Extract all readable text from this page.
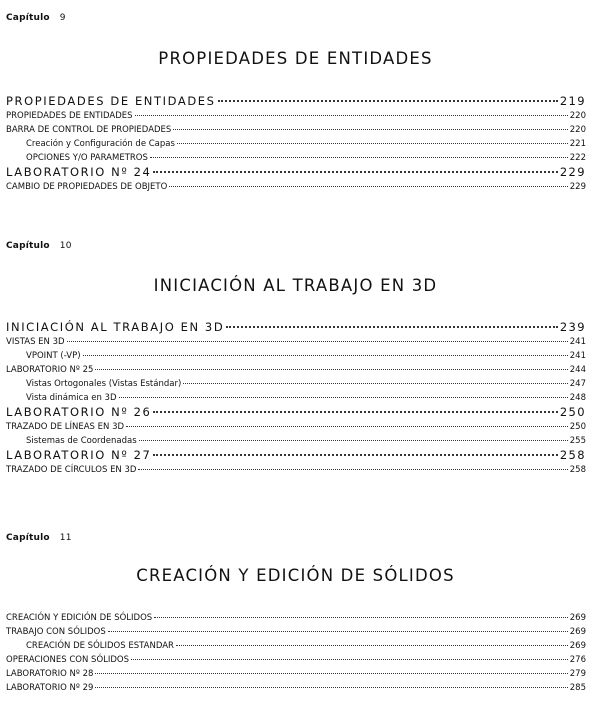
Capítulo 9
PROPIEDADES DE ENTIDADES
PROPIEDADES DE ENTIDADES	219
PROPIEDADES DE ENTIDADES	220
BARRA DE CONTROL DE PROPIEDADES	220
Creación y Configuración de Capas	221
OPCIONES Y/O PARAMETROS	222
LABORATORIO Nº 24	229
CAMBIO DE PROPIEDADES DE OBJETO	229
Capítulo 10
INICIACIÓN AL TRABAJO EN 3D
INICIACIÓN AL TRABAJO EN 3D	239
VISTAS EN 3D	241
VPOINT (-VP)	241
LABORATORIO Nº 25	244
Vistas Ortogonales (Vistas Estándar)	247
Vista dinámica en 3D	248
LABORATORIO Nº 26	250
TRAZADO DE LÍNEAS EN 3D	250
Sistemas de Coordenadas	255
LABORATORIO Nº 27	258
TRAZADO DE CÍRCULOS EN 3D	258
Capítulo 11
CREACIÓN Y EDICIÓN DE SÓLIDOS
CREACIÓN Y EDICIÓN DE SÓLIDOS	269
TRABAJO CON SÓLIDOS	269
CREACIÓN DE SÓLIDOS ESTANDAR	269
OPERACIONES CON SÓLIDOS	276
LABORATORIO Nº 28	279
LABORATORIO Nº 29	285
